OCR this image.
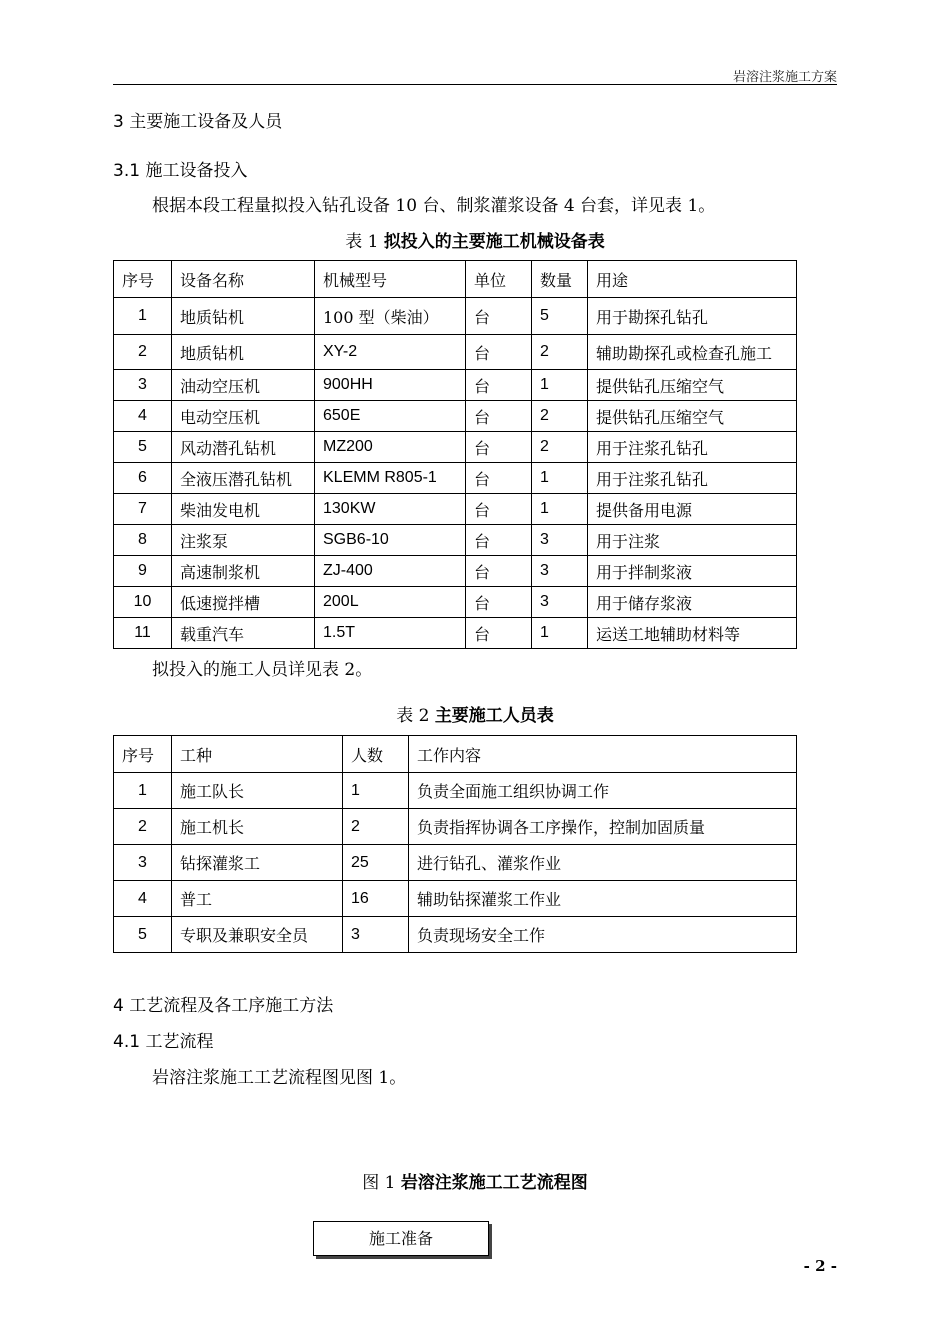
岩溶注浆施工方案
3 主要施工设备及人员
3.1 施工设备投入
根据本段工程量拟投入钻孔设备 10 台、制浆灌浆设备 4 台套，详见表 1。
表 1 拟投入的主要施工机械设备表
序号	设备名称	机械型号	单位	数量	用途
1	地质钻机	100 型（柴油）	台	5	用于勘探孔钻孔
2	地质钻机	XY-2	台	2	辅助勘探孔或检查孔施工
3	油动空压机	900HH	台	1	提供钻孔压缩空气
4	电动空压机	650E	台	2	提供钻孔压缩空气
5	风动潜孔钻机	MZ200	台	2	用于注浆孔钻孔
6	全液压潜孔钻机	KLEMM R805-1	台	1	用于注浆孔钻孔
7	柴油发电机	130KW	台	1	提供备用电源
8	注浆泵	SGB6-10	台	3	用于注浆
9	高速制浆机	ZJ-400	台	3	用于拌制浆液
10	低速搅拌槽	200L	台	3	用于储存浆液
11	载重汽车	1.5T	台	1	运送工地辅助材料等
拟投入的施工人员详见表 2。
表 2 主要施工人员表
序号	工种	人数	工作内容
1	施工队长	1	负责全面施工组织协调工作
2	施工机长	2	负责指挥协调各工序操作，控制加固质量
3	钻探灌浆工	25	进行钻孔、灌浆作业
4	普工	16	辅助钻探灌浆工作业
5	专职及兼职安全员	3	负责现场安全工作
4 工艺流程及各工序施工方法
4.1 工艺流程
岩溶注浆施工工艺流程图见图 1。
图 1 岩溶注浆施工工艺流程图
施工准备
- 2 -
